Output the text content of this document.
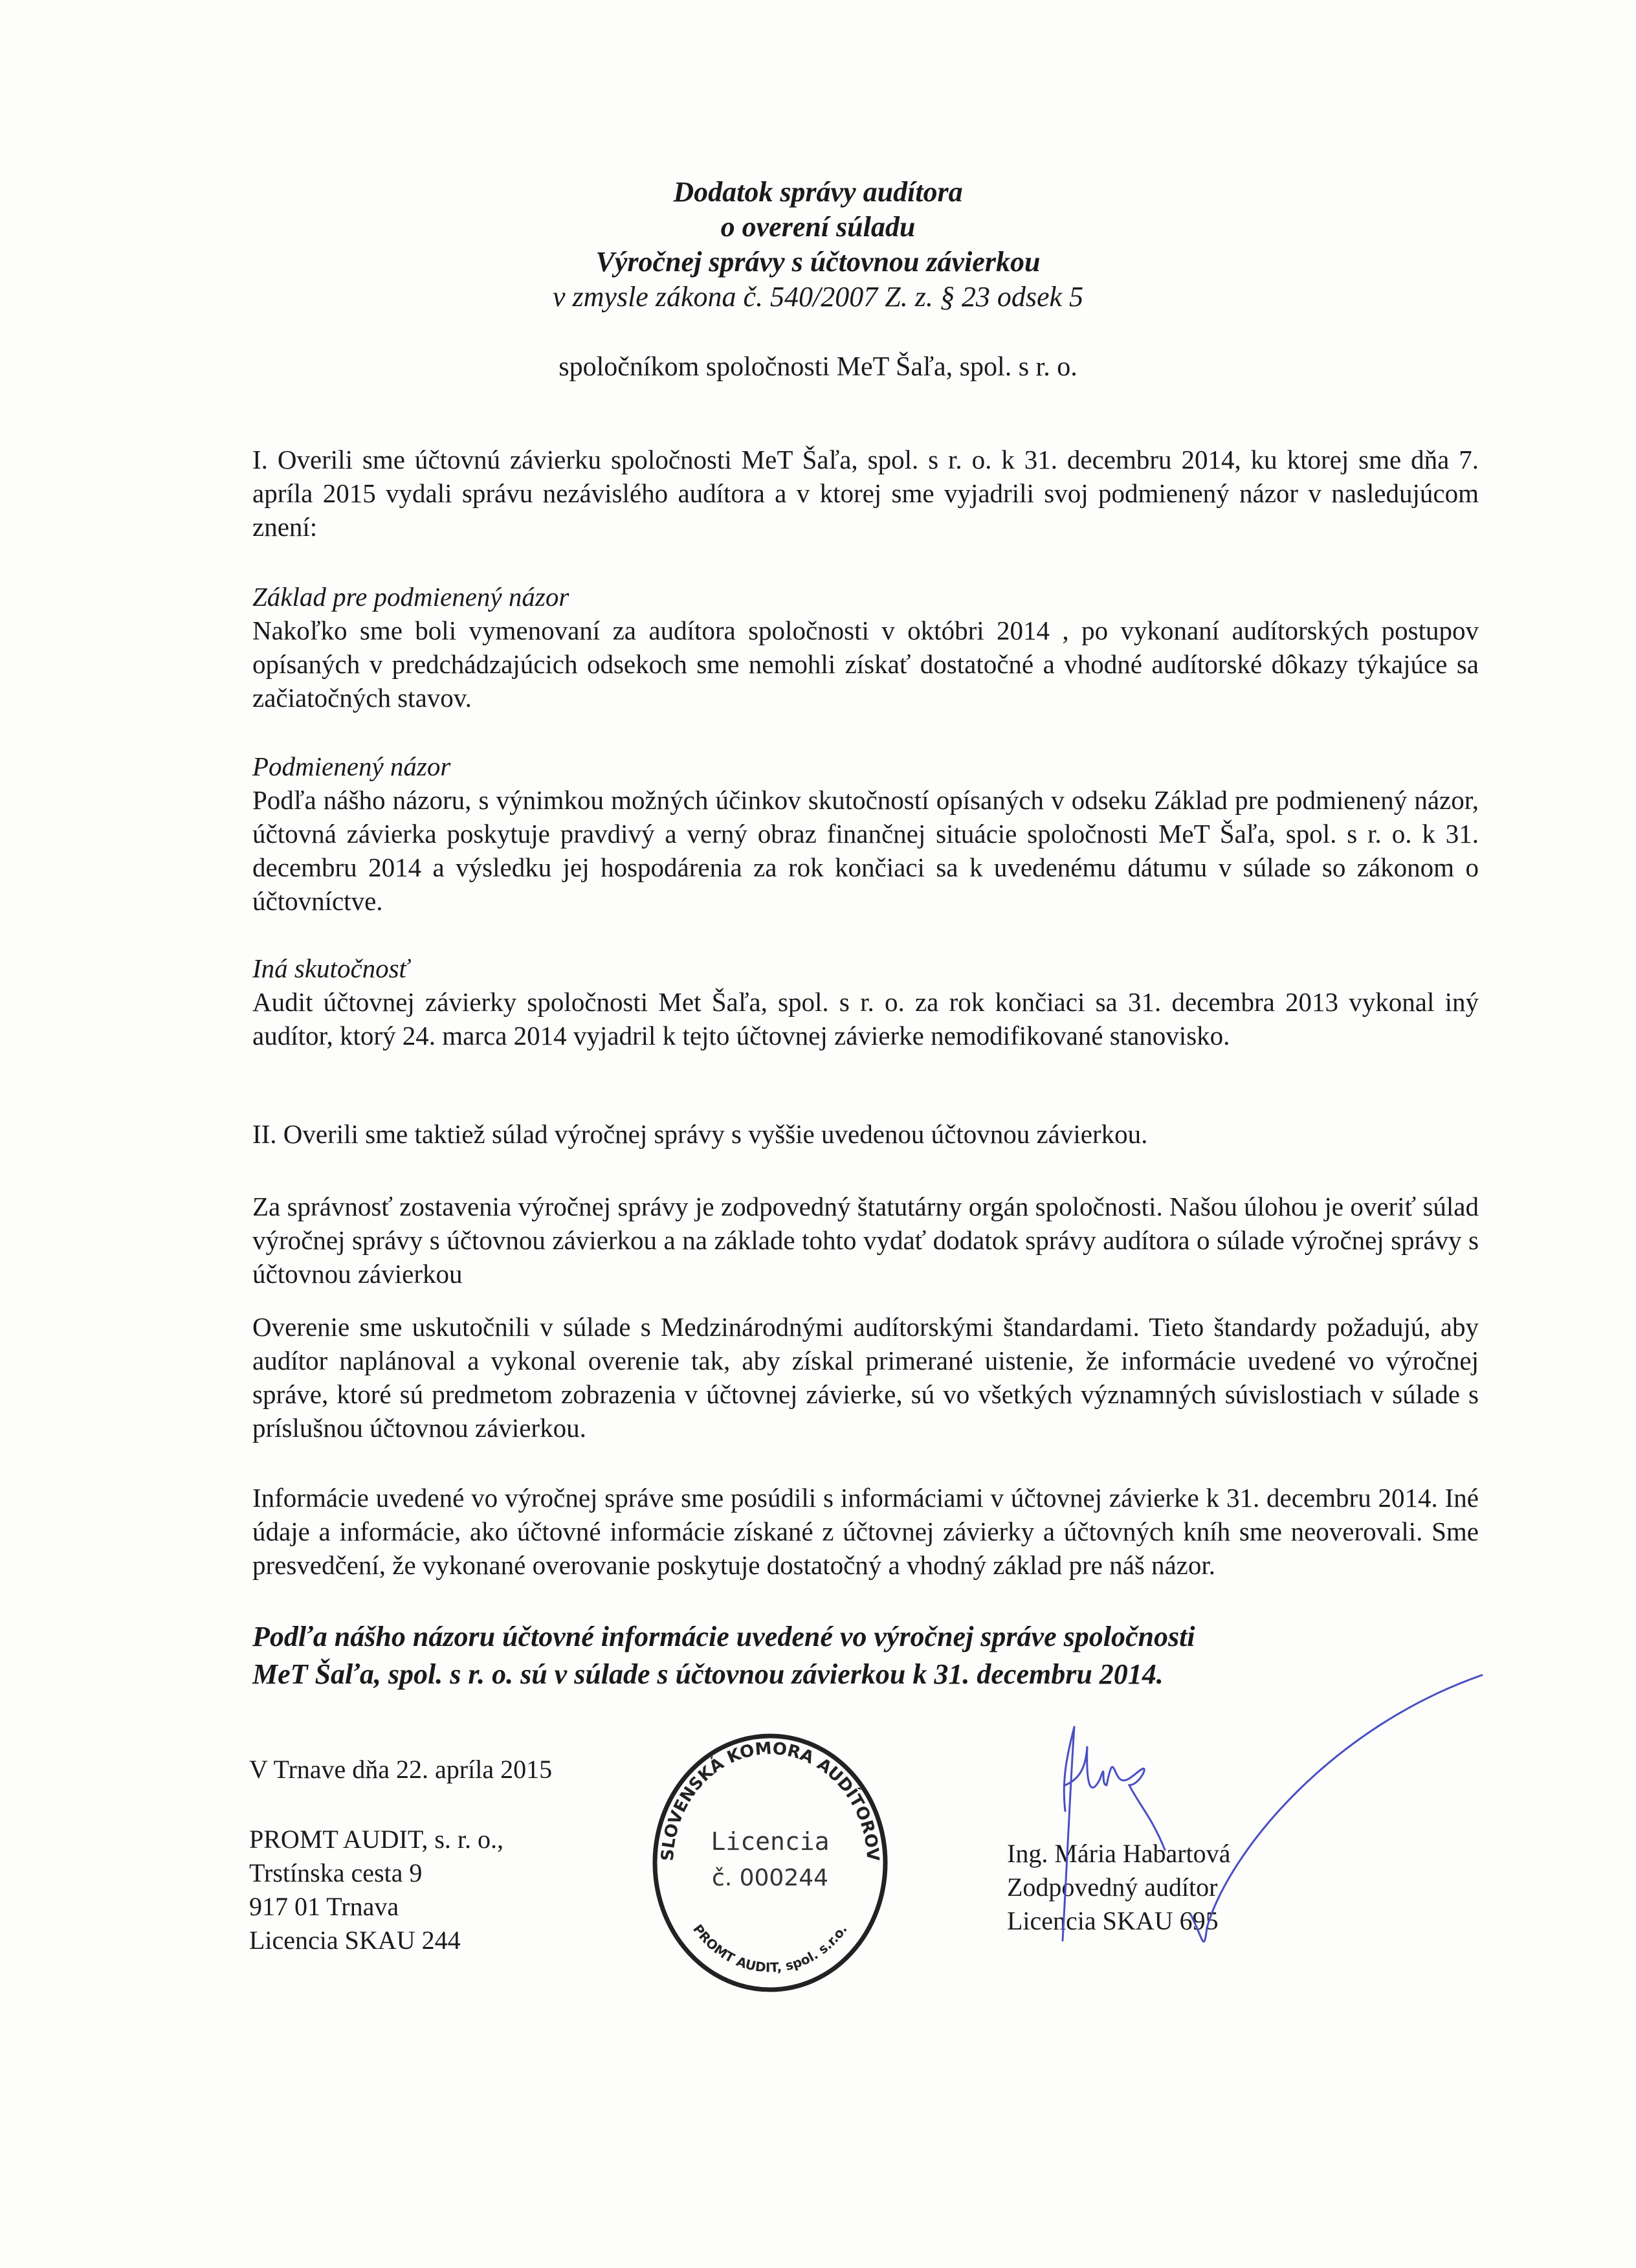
Dodatok správy audítora
o overení súladu
Výročnej správy s účtovnou závierkou
v zmysle zákona č. 540/2007 Z. z. § 23 odsek 5
spoločníkom spoločnosti MeT Šaľa, spol. s r. o.
I. Overili sme účtovnú závierku spoločnosti MeT Šaľa, spol. s r. o. k 31. decembru 2014, ku ktorej sme dňa 7. apríla 2015 vydali správu nezávislého audítora a v ktorej sme vyjadrili svoj podmienený názor v nasledujúcom znení:
Základ pre podmienený názor
Nakoľko sme boli vymenovaní za audítora spoločnosti v októbri 2014 , po vykonaní audítorských postupov opísaných v predchádzajúcich odsekoch sme nemohli získať dostatočné a vhodné audítorské dôkazy týkajúce sa začiatočných stavov.
Podmienený názor
Podľa nášho názoru, s výnimkou možných účinkov skutočností opísaných v odseku Základ pre podmienený názor, účtovná závierka poskytuje pravdivý a verný obraz finančnej situácie spoločnosti MeT Šaľa, spol. s r. o. k 31. decembru 2014 a výsledku jej hospodárenia za rok končiaci sa k uvedenému dátumu v súlade so zákonom o účtovníctve.
Iná skutočnosť
Audit účtovnej závierky spoločnosti Met Šaľa, spol. s r. o. za rok končiaci sa 31. decembra 2013 vykonal iný audítor, ktorý 24. marca 2014 vyjadril k tejto účtovnej závierke nemodifikované stanovisko.
II. Overili sme taktiež súlad výročnej správy s vyššie uvedenou účtovnou závierkou.
Za správnosť zostavenia výročnej správy je zodpovedný štatutárny orgán spoločnosti. Našou úlohou je overiť súlad výročnej správy s účtovnou závierkou a na základe tohto vydať dodatok správy audítora o súlade výročnej správy s účtovnou závierkou
Overenie sme uskutočnili v súlade s Medzinárodnými audítorskými štandardami. Tieto štandardy požadujú, aby audítor naplánoval a vykonal overenie tak, aby získal primerané uistenie, že informácie uvedené vo výročnej správe, ktoré sú predmetom zobrazenia v účtovnej závierke, sú vo všetkých významných súvislostiach v súlade s príslušnou účtovnou závierkou.
Informácie uvedené vo výročnej správe sme posúdili s informáciami v účtovnej závierke k 31. decembru 2014. Iné údaje a informácie, ako účtovné informácie získané z účtovnej závierky a účtovných kníh sme neoverovali. Sme presvedčení, že vykonané overovanie poskytuje dostatočný a vhodný základ pre náš názor.
Podľa nášho názoru účtovné informácie uvedené vo výročnej správe spoločnosti
MeT Šaľa, spol. s r. o. sú v súlade s účtovnou závierkou k 31. decembru 2014.
V Trnave dňa 22. apríla 2015
PROMT AUDIT, s. r. o.,
Trstínska cesta 9
917 01 Trnava
Licencia SKAU 244
SLOVENSKÁ KOMORA AUDÍTOROV
PROMT AUDIT, spol. s.r.o.
Licencia
č. 000244
Ing. Mária Habartová
Zodpovedný audítor
Licencia SKAU 695
